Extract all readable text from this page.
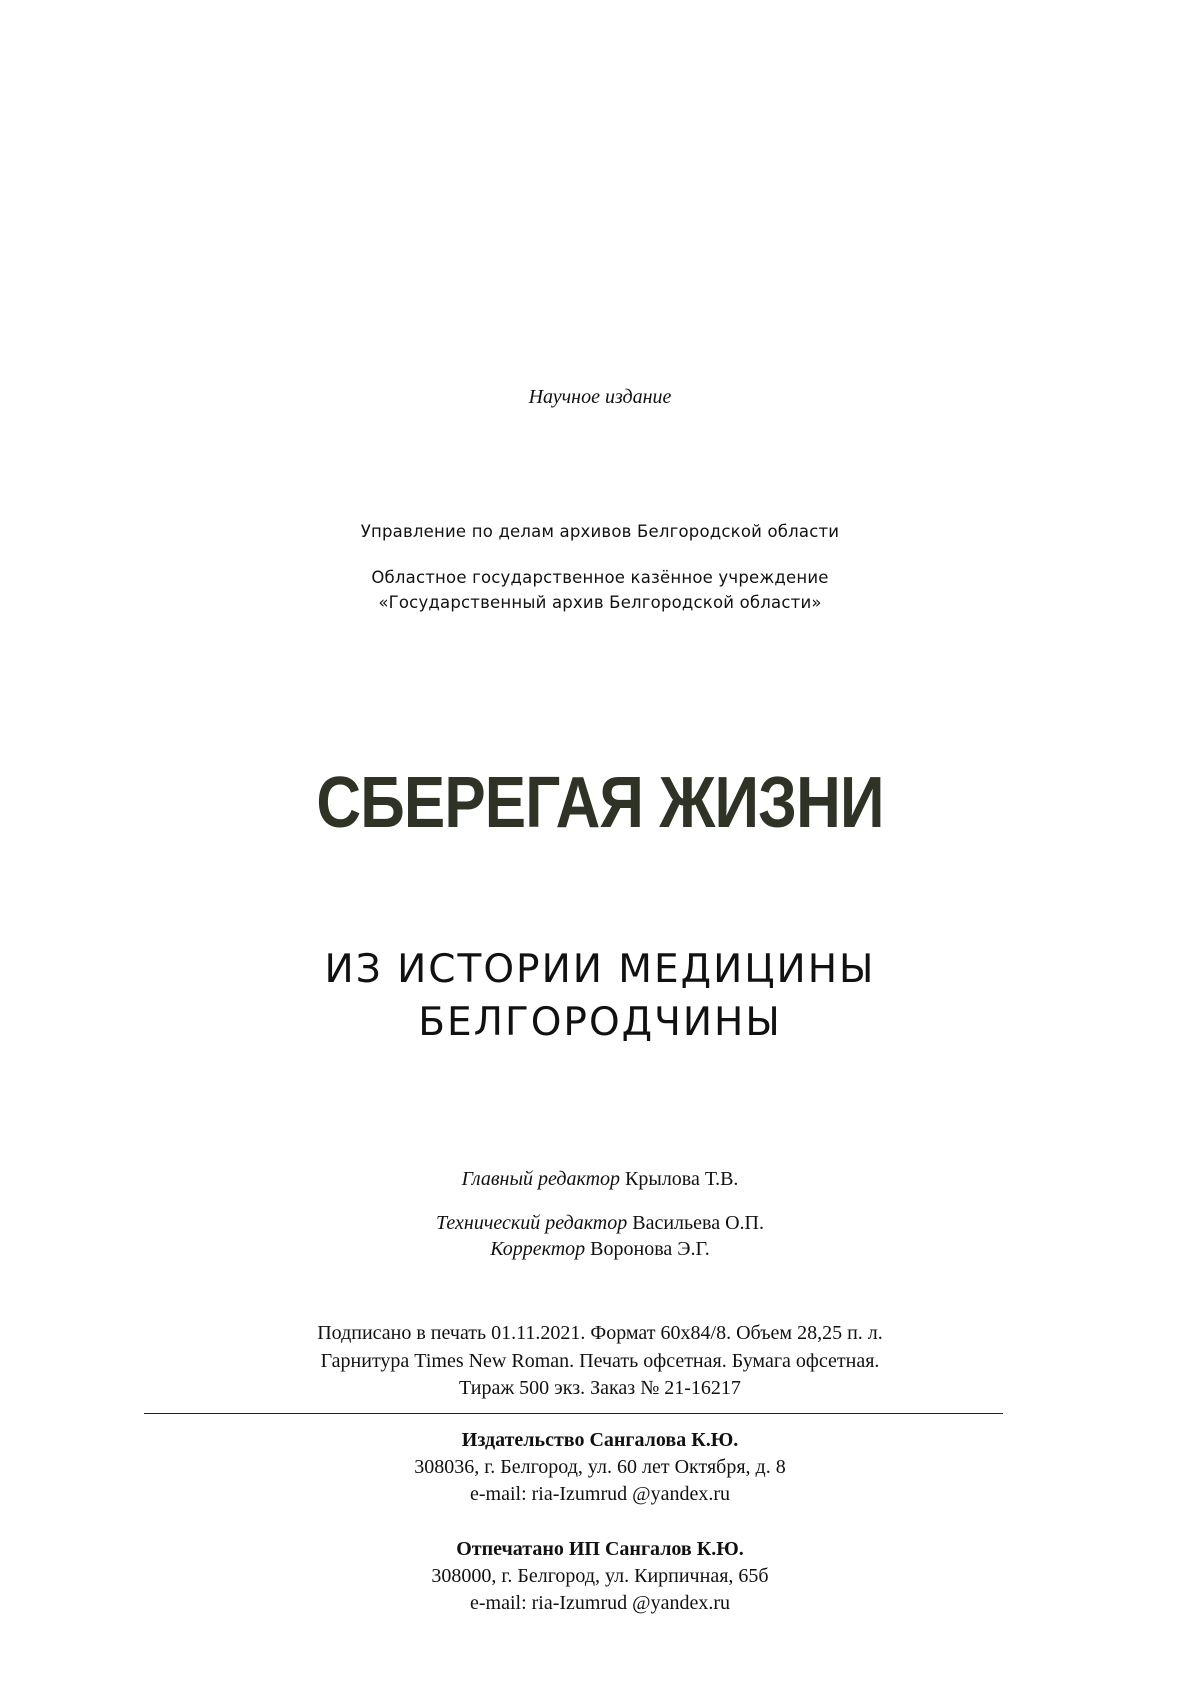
Научное издание
Управление по делам архивов Белгородской области
Областное государственное казённое учреждение
«Государственный архив Белгородской области»
СБЕРЕГАЯ ЖИЗНИ
ИЗ ИСТОРИИ МЕДИЦИНЫ
БЕЛГОРОДЧИНЫ
Главный редактор Крылова Т.В.
Технический редактор Васильева О.П.
Корректор Воронова Э.Г.
Подписано в печать 01.11.2021. Формат 60х84/8. Объем 28,25 п. л.
Гарнитура Times New Roman. Печать офсетная. Бумага офсетная.
Тираж 500 экз. Заказ № 21-16217
Издательство Сангалова К.Ю.
308036, г. Белгород, ул. 60 лет Октября, д. 8
e-mail: ria-Izumrud @yandex.ru
Отпечатано ИП Сангалов К.Ю.
308000, г. Белгород, ул. Кирпичная, 65б
e-mail: ria-Izumrud @yandex.ru
